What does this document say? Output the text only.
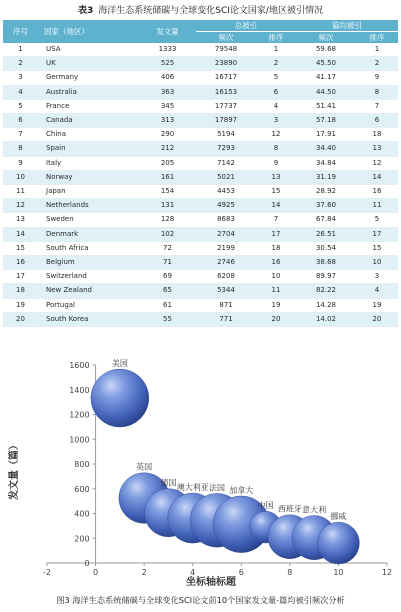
表3 海洋生态系统储碳与全球变化SCI论文国家/地区被引情况
序号	国家（地区）	发文量	总被引		篇均被引	
			频次	排序	频次	排序
1	USA	1333	79548	1	59.68	1
2	UK	525	23890	2	45.50	2
3	Germany	406	16717	5	41.17	9
4	Australia	363	16153	6	44.50	8
5	France	345	17737	4	51.41	7
6	Canada	313	17897	3	57.18	6
7	China	290	5194	12	17.91	18
8	Spain	212	7293	8	34.40	13
9	Italy	205	7142	9	34.84	12
10	Norway	161	5021	13	31.19	14
11	Japan	154	4453	15	28.92	16
12	Netherlands	131	4925	14	37.60	11
13	Sweden	128	8683	7	67.84	5
14	Denmark	102	2704	17	26.51	17
15	South Africa	72	2199	18	30.54	15
16	Belgium	71	2746	16	38.68	10
17	Switzerland	69	6208	10	89.97	3
18	New Zealand	65	5344	11	82.22	4
19	Portugal	61	871	19	14.28	19
20	South Korea	55	771	20	14.02	20
0
200
400
600
800
1000
1200
1400
1600
-2	0	2	4	6	8	10	12
美国
英国
德国 澳大利亚 法国 加拿大
中国 西班牙 意大利
挪威
发文量（篇）
坐标轴标题
图3 海洋生态系统储碳与全球变化SCI论文前10个国家发文量-篇均被引频次分析
